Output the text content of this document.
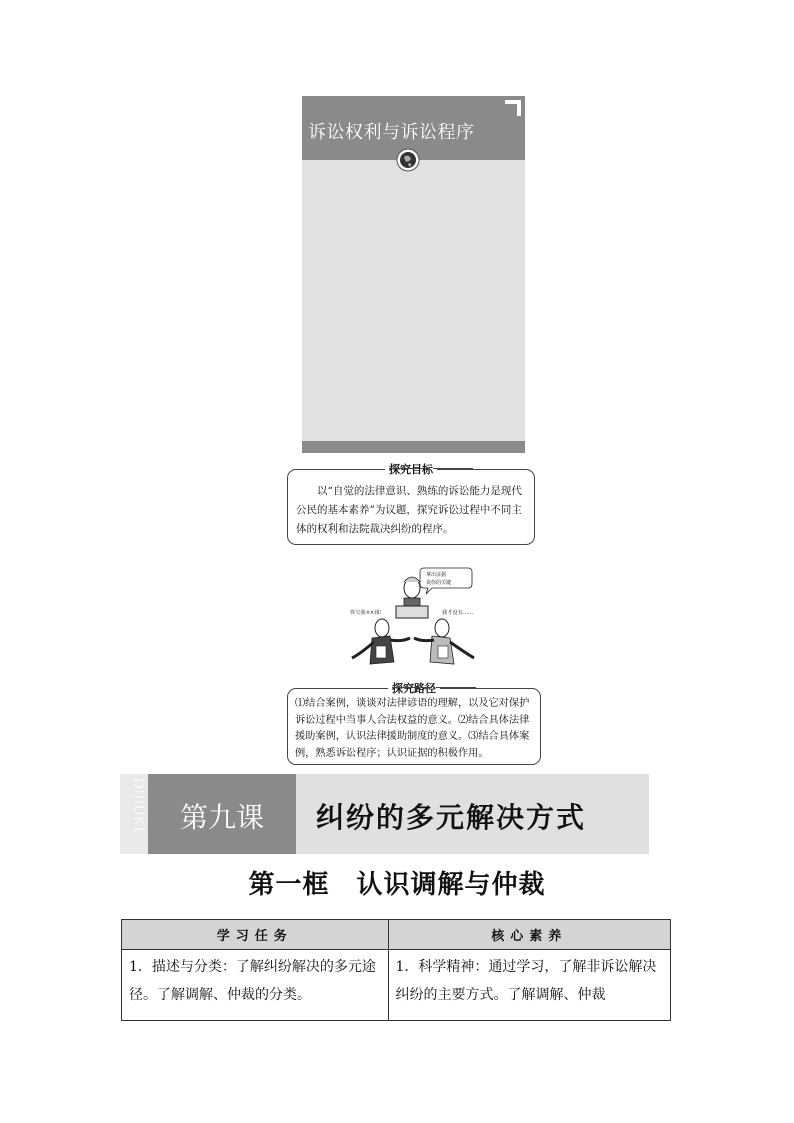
诉讼权利与诉讼程序
探究目标
以“自觉的法律意识、熟练的诉讼能力是现代公民的基本素养”为议题，探究诉讼过程中不同主体的权利和法院裁决纠纷的程序。
拿出证据
说你的关键
你欠我××钱！	我才没有……
探究路径
⑴结合案例，谈谈对法律谚语的理解，以及它对保护诉讼过程中当事人合法权益的意义。⑵结合具体法律援助案例，认识法律援助制度的意义。⑶结合具体案例，熟悉诉讼程序；认识证据的积极作用。
DIJIUKE	第九课	纠纷的多元解决方式
第一框　认识调解与仲裁
学习任务	核心素养
1．描述与分类：了解纠纷解决的多元途径。了解调解、仲裁的分类。	1．科学精神：通过学习，了解非诉讼解决纠纷的主要方式。了解调解、仲裁
